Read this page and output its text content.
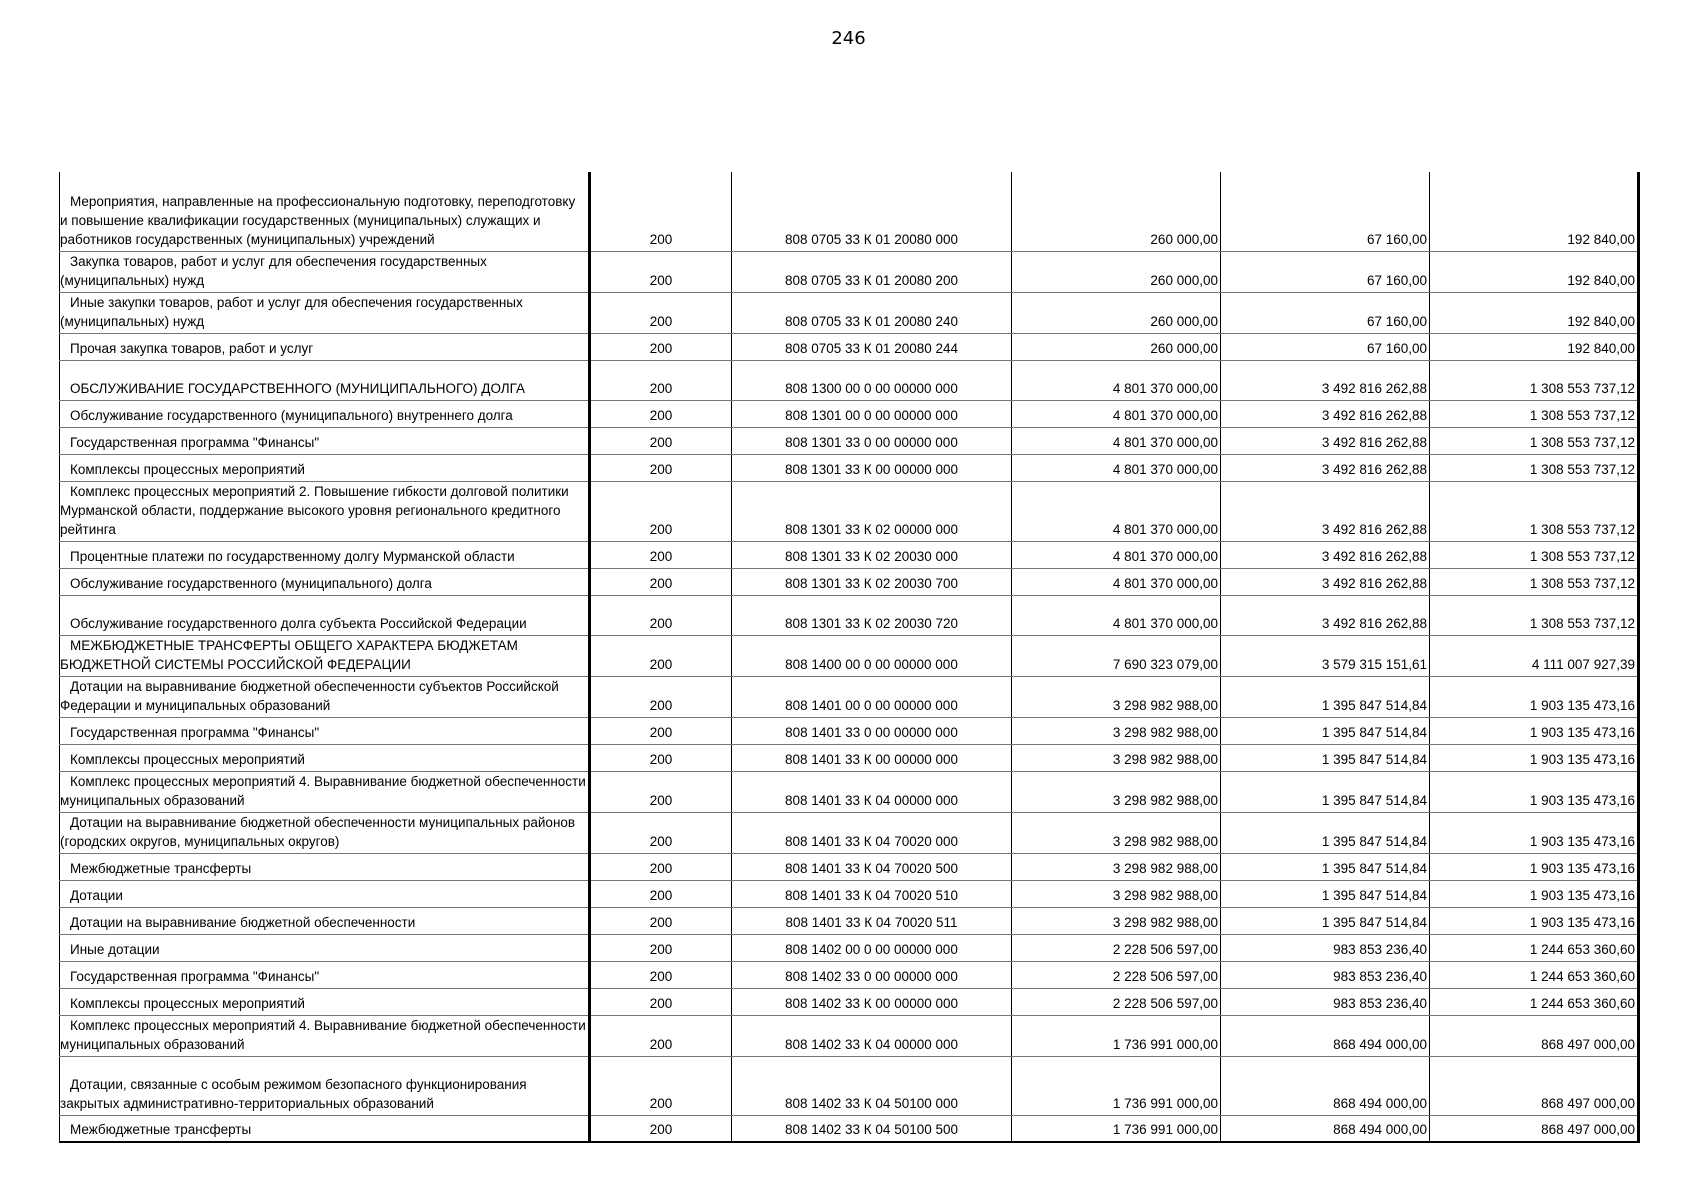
246
Мероприятия, направленные на профессиональную подготовку, переподготовку и повышение квалификации государственных (муниципальных) служащих и работников государственных (муниципальных) учреждений	200	808 0705 33 К 01 20080 000	260 000,00	67 160,00	192 840,00
Закупка товаров, работ и услуг для обеспечения государственных (муниципальных) нужд	200	808 0705 33 К 01 20080 200	260 000,00	67 160,00	192 840,00
Иные закупки товаров, работ и услуг для обеспечения государственных (муниципальных) нужд	200	808 0705 33 К 01 20080 240	260 000,00	67 160,00	192 840,00
Прочая закупка товаров, работ и услуг	200	808 0705 33 К 01 20080 244	260 000,00	67 160,00	192 840,00
ОБСЛУЖИВАНИЕ ГОСУДАРСТВЕННОГО (МУНИЦИПАЛЬНОГО) ДОЛГА	200	808 1300 00 0 00 00000 000	4 801 370 000,00	3 492 816 262,88	1 308 553 737,12
Обслуживание государственного (муниципального) внутреннего долга	200	808 1301 00 0 00 00000 000	4 801 370 000,00	3 492 816 262,88	1 308 553 737,12
Государственная программа "Финансы"	200	808 1301 33 0 00 00000 000	4 801 370 000,00	3 492 816 262,88	1 308 553 737,12
Комплексы процессных мероприятий	200	808 1301 33 К 00 00000 000	4 801 370 000,00	3 492 816 262,88	1 308 553 737,12
Комплекс процессных мероприятий 2. Повышение гибкости долговой политики Мурманской области, поддержание высокого уровня регионального кредитного рейтинга	200	808 1301 33 К 02 00000 000	4 801 370 000,00	3 492 816 262,88	1 308 553 737,12
Процентные платежи по государственному долгу Мурманской области	200	808 1301 33 К 02 20030 000	4 801 370 000,00	3 492 816 262,88	1 308 553 737,12
Обслуживание государственного (муниципального) долга	200	808 1301 33 К 02 20030 700	4 801 370 000,00	3 492 816 262,88	1 308 553 737,12
Обслуживание государственного долга субъекта Российской Федерации	200	808 1301 33 К 02 20030 720	4 801 370 000,00	3 492 816 262,88	1 308 553 737,12
МЕЖБЮДЖЕТНЫЕ ТРАНСФЕРТЫ ОБЩЕГО ХАРАКТЕРА БЮДЖЕТАМ БЮДЖЕТНОЙ СИСТЕМЫ РОССИЙСКОЙ ФЕДЕРАЦИИ	200	808 1400 00 0 00 00000 000	7 690 323 079,00	3 579 315 151,61	4 111 007 927,39
Дотации на выравнивание бюджетной обеспеченности субъектов Российской Федерации и муниципальных образований	200	808 1401 00 0 00 00000 000	3 298 982 988,00	1 395 847 514,84	1 903 135 473,16
Государственная программа "Финансы"	200	808 1401 33 0 00 00000 000	3 298 982 988,00	1 395 847 514,84	1 903 135 473,16
Комплексы процессных мероприятий	200	808 1401 33 К 00 00000 000	3 298 982 988,00	1 395 847 514,84	1 903 135 473,16
Комплекс процессных мероприятий 4. Выравнивание бюджетной обеспеченности муниципальных образований	200	808 1401 33 К 04 00000 000	3 298 982 988,00	1 395 847 514,84	1 903 135 473,16
Дотации на выравнивание бюджетной обеспеченности муниципальных районов (городских округов, муниципальных округов)	200	808 1401 33 К 04 70020 000	3 298 982 988,00	1 395 847 514,84	1 903 135 473,16
Межбюджетные трансферты	200	808 1401 33 К 04 70020 500	3 298 982 988,00	1 395 847 514,84	1 903 135 473,16
Дотации	200	808 1401 33 К 04 70020 510	3 298 982 988,00	1 395 847 514,84	1 903 135 473,16
Дотации на выравнивание бюджетной обеспеченности	200	808 1401 33 К 04 70020 511	3 298 982 988,00	1 395 847 514,84	1 903 135 473,16
Иные дотации	200	808 1402 00 0 00 00000 000	2 228 506 597,00	983 853 236,40	1 244 653 360,60
Государственная программа "Финансы"	200	808 1402 33 0 00 00000 000	2 228 506 597,00	983 853 236,40	1 244 653 360,60
Комплексы процессных мероприятий	200	808 1402 33 К 00 00000 000	2 228 506 597,00	983 853 236,40	1 244 653 360,60
Комплекс процессных мероприятий 4. Выравнивание бюджетной обеспеченности муниципальных образований	200	808 1402 33 К 04 00000 000	1 736 991 000,00	868 494 000,00	868 497 000,00
Дотации, связанные с особым режимом безопасного функционирования закрытых административно-территориальных образований	200	808 1402 33 К 04 50100 000	1 736 991 000,00	868 494 000,00	868 497 000,00
Межбюджетные трансферты	200	808 1402 33 К 04 50100 500	1 736 991 000,00	868 494 000,00	868 497 000,00
